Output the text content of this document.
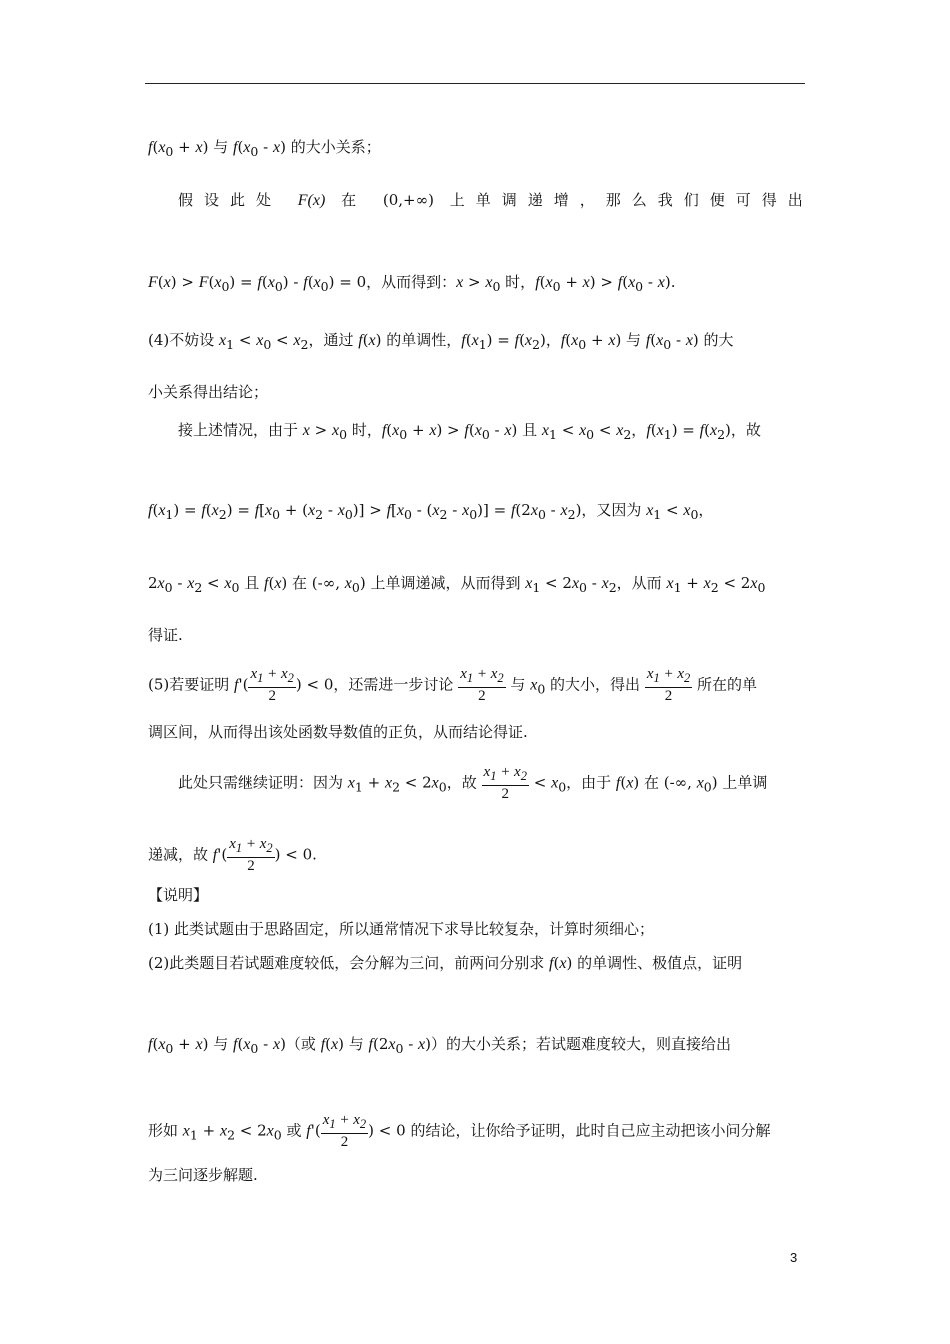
$f(x_0 + x)$ 与 $f(x_0 - x)$ 的大小关系；
假设此处 F(x) 在 (0,+∞) 上单调递增，那么我们便可得出
$F(x) > F(x_0) = f(x_0) - f(x_0) = 0$，从而得到：$x > x_0$ 时，$f(x_0 + x) > f(x_0 - x)$.
(4)不妨设 $x_1 < x_0 < x_2$，通过 f(x) 的单调性，$f(x_1) = f(x_2)$，$f(x_0 + x)$ 与 $f(x_0 - x)$ 的大
小关系得出结论；
接上述情况，由于 $x > x_0$ 时，$f(x_0 + x) > f(x_0 - x)$ 且 $x_1 < x_0 < x_2$，$f(x_1) = f(x_2)$，故
$f(x_1) = f(x_2) = f[x_0 + (x_2 - x_0)] > f[x_0 - (x_2 - x_0)] = f(2x_0 - x_2)$，又因为 $x_1 < x_0$，
$2x_0 - x_2 < x_0$ 且 f(x) 在 (-∞, $x_0$) 上单调递减，从而得到 $x_1 < 2x_0 - x_2$，从而 $x_1 + x_2 < 2x_0$
得证.
(5)若要证明 $f'( \frac{x_1 + x_2}{2}$ ) < 0，还需进一步讨论 $\frac{x_1 + x_2}{2}$ 与 $x_0$ 的大小，得出 $\frac{x_1 + x_2}{2}$ 所在的单
调区间，从而得出该处函数导数值的正负，从而结论得证.
此处只需继续证明：因为 $x_1 + x_2 < 2x_0$，故 $\frac{x_1 + x_2}{2} < x_0$，由于 f(x) 在 (-∞, $x_0$) 上单调
递减，故 $f'( \frac{x_1 + x_2}{2}$ ) < 0.
【说明】
(1) 此类试题由于思路固定，所以通常情况下求导比较复杂，计算时须细心；
(2)此类题目若试题难度较低，会分解为三问，前两问分别求 f(x) 的单调性、极值点，证明
$f(x_0 + x)$ 与 $f(x_0 - x)$（或 f(x) 与 $f(2x_0 - x)$）的大小关系；若试题难度较大，则直接给出
形如 $x_1 + x_2 < 2x_0$ 或 $f'( \frac{x_1 + x_2}{2}$ ) < 0 的结论，让你给予证明，此时自己应主动把该小问分解
为三问逐步解题.
3
